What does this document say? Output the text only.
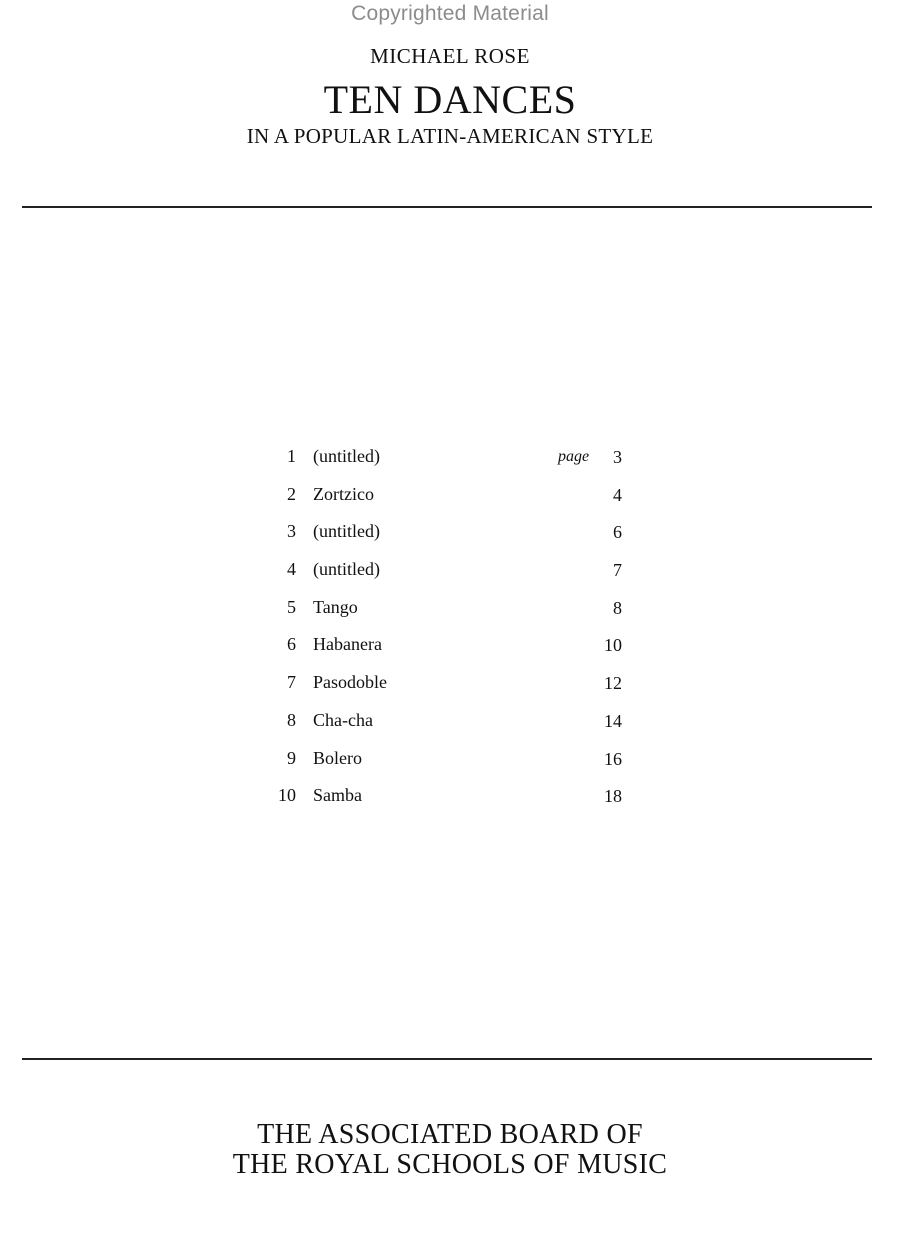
Copyrighted Material
MICHAEL ROSE
TEN DANCES
IN A POPULAR LATIN-AMERICAN STYLE
1 (untitled)	page	3
2 Zortzico	4
3 (untitled)	6
4 (untitled)	7
5 Tango	8
6 Habanera	10
7 Pasodoble	12
8 Cha-cha	14
9 Bolero	16
10 Samba	18
THE ASSOCIATED BOARD OF
THE ROYAL SCHOOLS OF MUSIC
